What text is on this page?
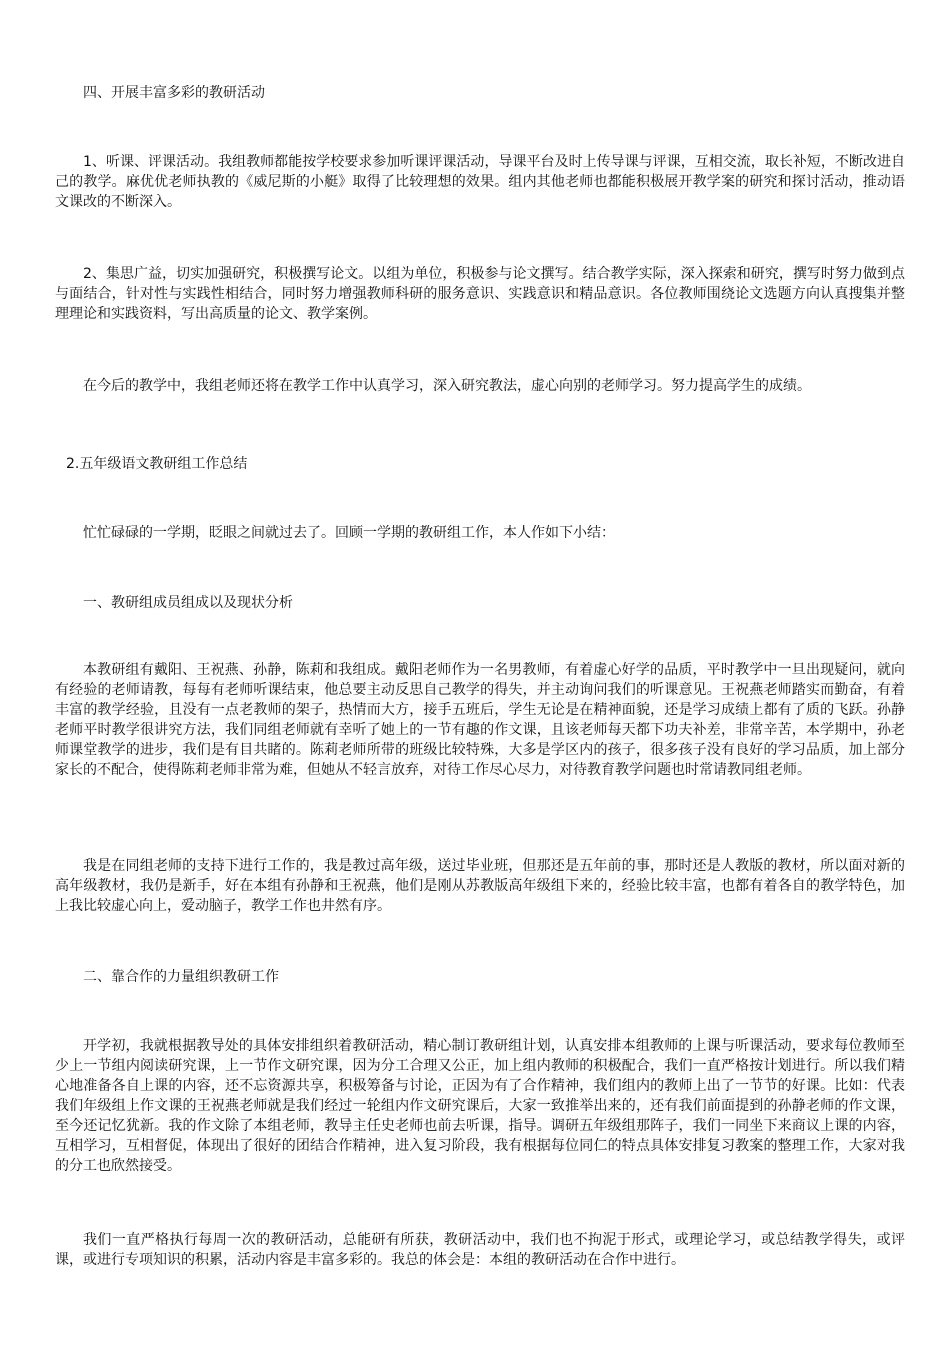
四、开展丰富多彩的教研活动

1、听课、评课活动。我组教师都能按学校要求参加听课评课活动，导课平台及时上传导课与评课，互相交流，取长补短，不断改进自己的教学。麻优优老师执教的《威尼斯的小艇》取得了比较理想的效果。组内其他老师也都能积极展开教学案的研究和探讨活动，推动语文课改的不断深入。

2、集思广益，切实加强研究，积极撰写论文。以组为单位，积极参与论文撰写。结合教学实际，深入探索和研究，撰写时努力做到点与面结合，针对性与实践性相结合，同时努力增强教师科研的服务意识、实践意识和精品意识。各位教师围绕论文选题方向认真搜集并整理理论和实践资料，写出高质量的论文、教学案例。

在今后的教学中，我组老师还将在教学工作中认真学习，深入研究教法，虚心向别的老师学习。努力提高学生的成绩。

2.五年级语文教研组工作总结

忙忙碌碌的一学期，眨眼之间就过去了。回顾一学期的教研组工作，本人作如下小结：

一、教研组成员组成以及现状分析

本教研组有戴阳、王祝燕、孙静，陈莉和我组成。戴阳老师作为一名男教师，有着虚心好学的品质，平时教学中一旦出现疑问，就向有经验的老师请教，每每有老师听课结束，他总要主动反思自己教学的得失，并主动询问我们的听课意见。王祝燕老师踏实而勤奋，有着丰富的教学经验，且没有一点老教师的架子，热情而大方，接手五班后，学生无论是在精神面貌，还是学习成绩上都有了质的飞跃。孙静老师平时教学很讲究方法，我们同组老师就有幸听了她上的一节有趣的作文课，且该老师每天都下功夫补差，非常辛苦，本学期中，孙老师课堂教学的进步，我们是有目共睹的。陈莉老师所带的班级比较特殊，大多是学区内的孩子，很多孩子没有良好的学习品质，加上部分家长的不配合，使得陈莉老师非常为难，但她从不轻言放弃，对待工作尽心尽力，对待教育教学问题也时常请教同组老师。

我是在同组老师的支持下进行工作的，我是教过高年级，送过毕业班，但那还是五年前的事，那时还是人教版的教材，所以面对新的高年级教材，我仍是新手，好在本组有孙静和王祝燕，他们是刚从苏教版高年级组下来的，经验比较丰富，也都有着各自的教学特色，加上我比较虚心向上，爱动脑子，教学工作也井然有序。

二、靠合作的力量组织教研工作

开学初，我就根据教导处的具体安排组织着教研活动，精心制订教研组计划，认真安排本组教师的上课与听课活动，要求每位教师至少上一节组内阅读研究课，上一节作文研究课，因为分工合理又公正，加上组内教师的积极配合，我们一直严格按计划进行。所以我们精心地准备各自上课的内容，还不忘资源共享，积极筹备与讨论，正因为有了合作精神，我们组内的教师上出了一节节的好课。比如：代表我们年级组上作文课的王祝燕老师就是我们经过一轮组内作文研究课后，大家一致推举出来的，还有我们前面提到的孙静老师的作文课，至今还记忆犹新。我的作文除了本组老师，教导主任史老师也前去听课，指导。调研五年级组那阵子，我们一同坐下来商议上课的内容，互相学习，互相督促，体现出了很好的团结合作精神，进入复习阶段，我有根据每位同仁的特点具体安排复习教案的整理工作，大家对我的分工也欣然接受。

我们一直严格执行每周一次的教研活动，总能研有所获，教研活动中，我们也不拘泥于形式，或理论学习，或总结教学得失，或评课，或进行专项知识的积累，活动内容是丰富多彩的。我总的体会是：本组的教研活动在合作中进行。
